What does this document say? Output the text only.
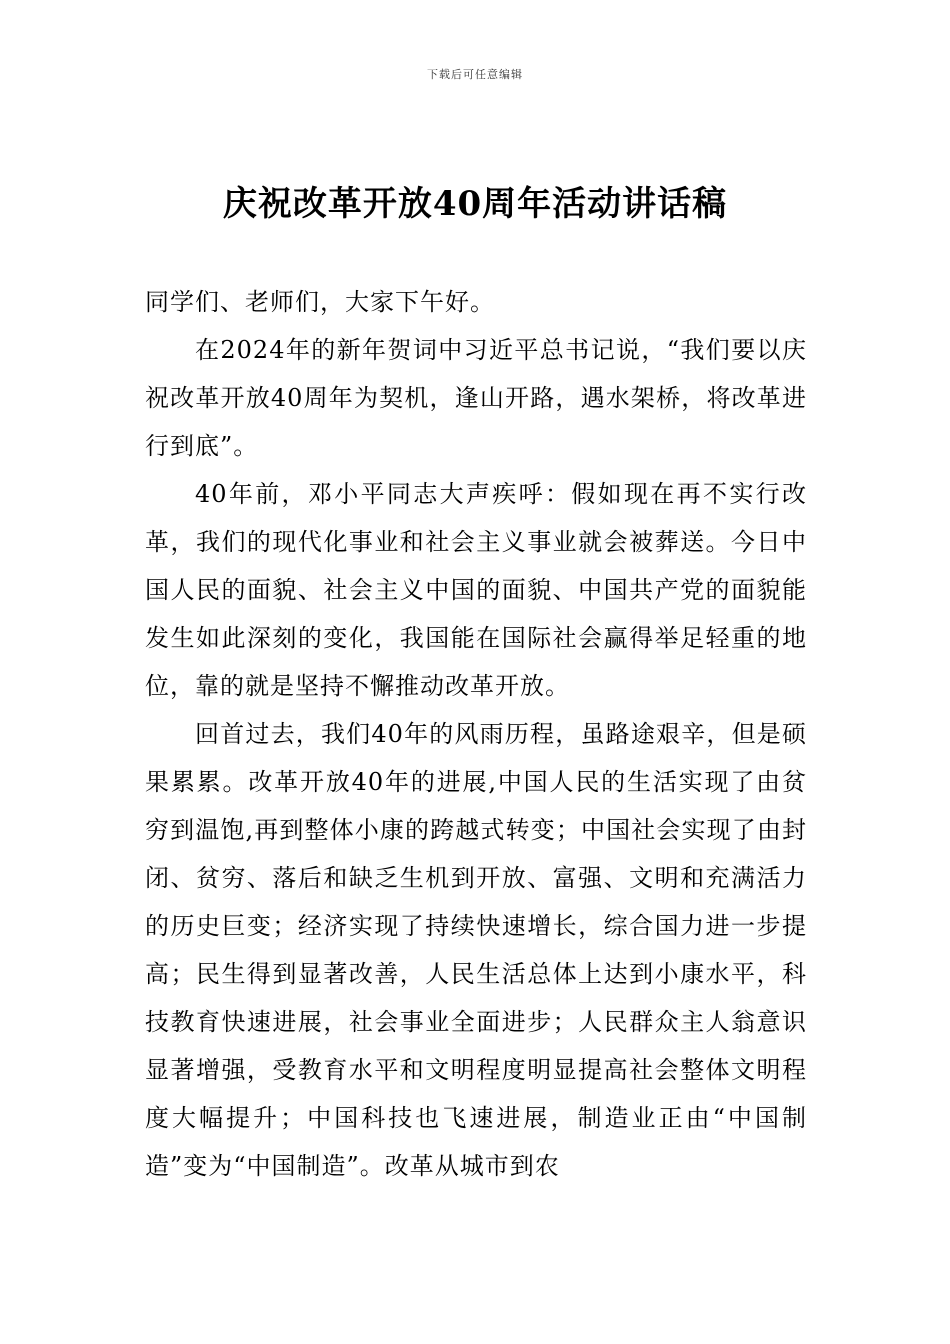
下载后可任意编辑
庆祝改革开放40周年活动讲话稿

同学们、老师们，大家下午好。

在2024年的新年贺词中习近平总书记说，“我们要以庆祝改革开放40周年为契机，逢山开路，遇水架桥，将改革进行到底”。

40年前，邓小平同志大声疾呼：假如现在再不实行改革，我们的现代化事业和社会主义事业就会被葬送。今日中国人民的面貌、社会主义中国的面貌、中国共产党的面貌能发生如此深刻的变化，我国能在国际社会赢得举足轻重的地位，靠的就是坚持不懈推动改革开放。

回首过去，我们40年的风雨历程，虽路途艰辛，但是硕果累累。改革开放40年的进展,中国人民的生活实现了由贫穷到温饱,再到整体小康的跨越式转变；中国社会实现了由封闭、贫穷、落后和缺乏生机到开放、富强、文明和充满活力的历史巨变；经济实现了持续快速增长，综合国力进一步提高；民生得到显著改善，人民生活总体上达到小康水平，科技教育快速进展，社会事业全面进步；人民群众主人翁意识显著增强，受教育水平和文明程度明显提高社会整体文明程度大幅提升；中国科技也飞速进展，制造业正由“中国制造”变为“中国制造”。改革从城市到农
